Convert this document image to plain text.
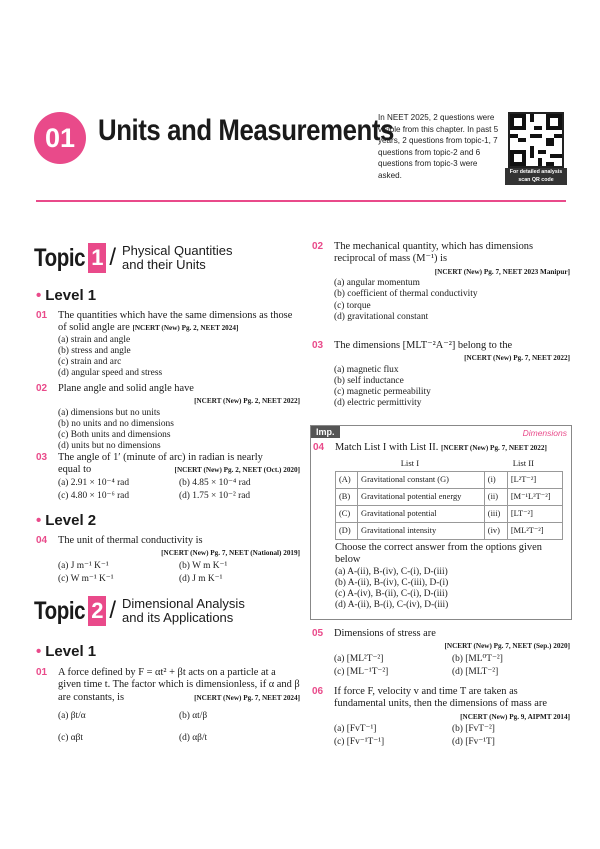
01 Units and Measurements
In NEET 2025, 2 questions were visible from this chapter. In past 5 years, 2 questions from topic-1, 7 questions from topic-2 and 6 questions from topic-3 were asked.	For detailed analysis scan QR code
Topic 1 / Physical Quantities
and their Units
• Level 1
01 The quantities which have the same dimensions as those of solid angle are [NCERT (New) Pg. 2, NEET 2024]
(a) strain and angle
(b) stress and angle
(c) strain and arc
(d) angular speed and stress
02 Plane angle and solid angle have
[NCERT (New) Pg. 2, NEET 2022]
(a) dimensions but no units
(b) no units and no dimensions
(c) Both units and dimensions
(d) units but no dimensions
03 The angle of 1′ (minute of arc) in radian is nearly
equal to	[NCERT (New) Pg. 2, NEET (Oct.) 2020]
(a) 2.91 × 10⁻⁴ rad	(b) 4.85 × 10⁻⁴ rad
(c) 4.80 × 10⁻⁶ rad	(d) 1.75 × 10⁻² rad
• Level 2
04 The unit of thermal conductivity is
[NCERT (New) Pg. 7, NEET (National) 2019]
(a) J m⁻¹ K⁻¹	(b) W m K⁻¹
(c) W m⁻¹ K⁻¹	(d) J m K⁻¹
Topic 2 / Dimensional Analysis
and its Applications
• Level 1
01 A force defined by F = αt² + βt acts on a particle at a given time t. The factor which is dimensionless, if α and β are constants, is	[NCERT (New) Pg. 7, NEET 2024]
(a) βt/α	(b) αt/β
(c) αβt	(d) αβ/t
02 The mechanical quantity, which has dimensions reciprocal of mass (M⁻¹) is
[NCERT (New) Pg. 7, NEET 2023 Manipur]
(a) angular momentum
(b) coefficient of thermal conductivity
(c) torque
(d) gravitational constant
03 The dimensions [MLT⁻²A⁻²] belong to the
[NCERT (New) Pg. 7, NEET 2022]
(a) magnetic flux
(b) self inductance
(c) magnetic permeability
(d) electric permittivity
Imp.	Dimensions
04 Match List I with List II. [NCERT (New) Pg. 7, NEET 2022]
List I		List II	
(A)	Gravitational constant (G)	(i)	[L²T⁻²]
(B)	Gravitational potential energy	(ii)	[M⁻¹L³T⁻²]
(C)	Gravitational potential	(iii)	[LT⁻²]
(D)	Gravitational intensity	(iv)	[ML²T⁻²]
Choose the correct answer from the options given below
(a) A-(ii), B-(iv), C-(i), D-(iii)
(b) A-(ii), B-(iv), C-(iii), D-(i)
(c) A-(iv), B-(ii), C-(i), D-(iii)
(d) A-(ii), B-(i), C-(iv), D-(iii)
05 Dimensions of stress are
[NCERT (New) Pg. 7, NEET (Sep.) 2020]
(a) [ML²T⁻²]	(b) [ML⁰T⁻²]
(c) [ML⁻¹T⁻²]	(d) [MLT⁻²]
06 If force F, velocity v and time T are taken as fundamental units, then the dimensions of mass are
[NCERT (New) Pg. 9, AIPMT 2014]
(a) [FvT⁻¹]	(b) [FvT⁻²]
(c) [Fv⁻¹T⁻¹]	(d) [Fv⁻¹T]
